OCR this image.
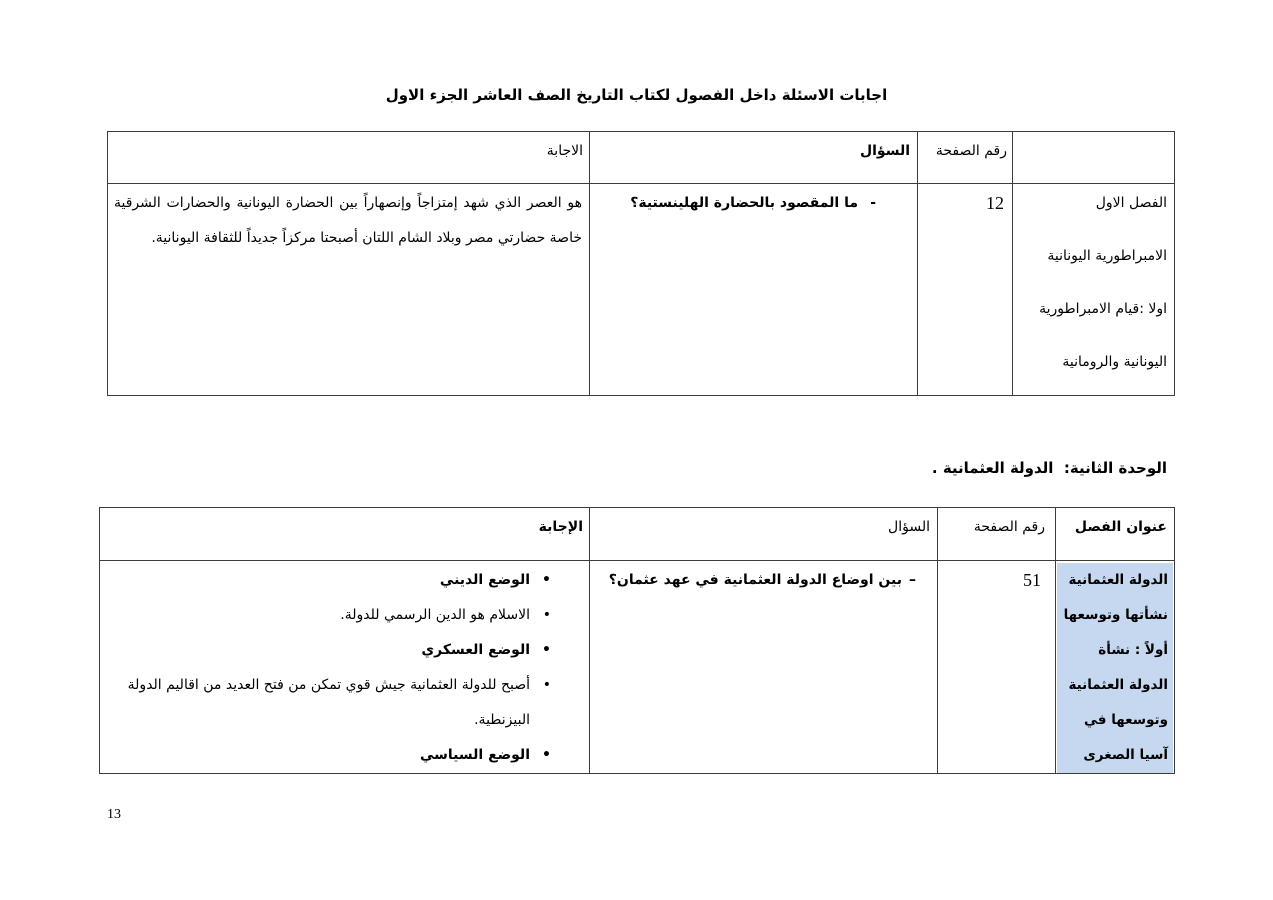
اجابات الاسئلة داخل الفصول لكتاب التاريخ الصف العاشر الجزء الاول
رقم الصفحة
السؤال
الاجابة
الفصل الاول
الامبراطورية اليونانية
اولا :قيام الامبراطورية
اليونانية والرومانية
12
-
ما المقصود بالحضارة الهلينستية؟
هو العصر الذي شهد إمتزاجاً وإنصهاراً بين الحضارة اليونانية والحضارات الشرقية خاصة حضارتي مصر وبلاد الشام اللتان أصبحتا مركزاً جديداً للثقافة اليونانية.
الوحدة الثانية:  الدولة العثمانية .
عنوان الفصل
رقم الصفحة
السؤال
الإجابة
الدولة العثمانية
نشأتها وتوسعها
أولاً : نشأة
الدولة العثمانية
وتوسعها في
آسيا الصغرى
51
–
بين اوضاع الدولة العثمانية في عهد عثمان؟
•
الوضع الديني
•
الاسلام هو الدين الرسمي للدولة.
•
الوضع العسكري
•
أصبح للدولة العثمانية جيش قوي تمكن من فتح العديد من اقاليم الدولة البيزنطية.
•
الوضع السياسي
13
